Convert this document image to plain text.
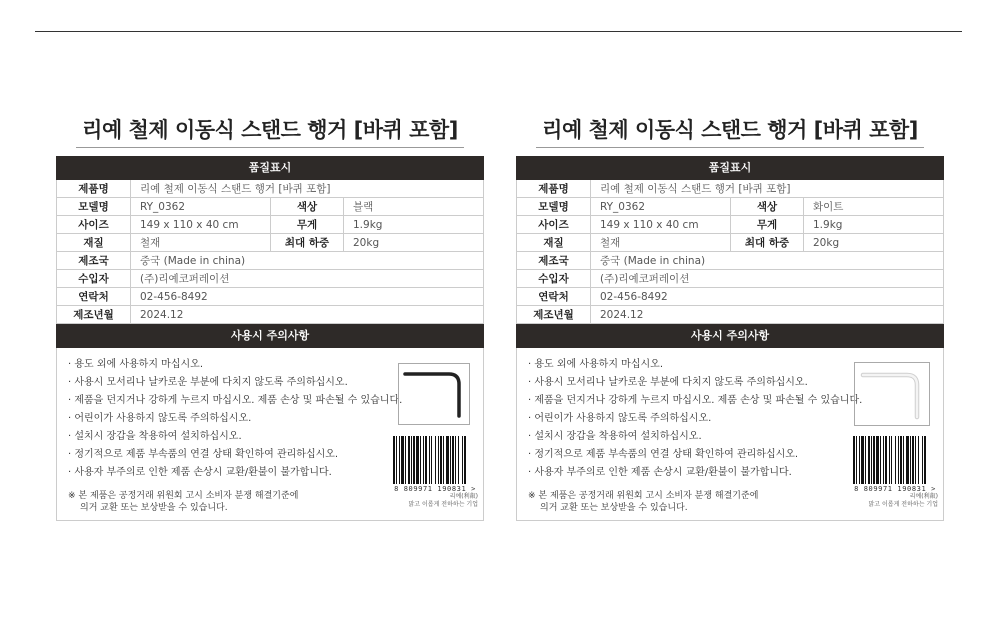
리예 철제 이동식 스탠드 행거 [바퀴 포함]
품질표시
제품명	리예 철제 이동식 스탠드 행거 [바퀴 포함]		
모델명	RY_0362	색상	블랙
사이즈	149 x 110 x 40 cm	무게	1.9kg
재질	철재	최대 하중	20kg
제조국	중국 (Made in china)		
수입자	(주)리예코퍼레이션		
연락처	02-456-8492		
제조년월	2024.12		
사용시 주의사항
· 용도 외에 사용하지 마십시오.
· 사용시 모서리나 날카로운 부분에 다치지 않도록 주의하십시오.
· 제품을 던지거나 강하게 누르지 마십시오. 제품 손상 및 파손될 수 있습니다.
· 어린이가 사용하지 않도록 주의하십시오.
· 설치시 장갑을 착용하여 설치하십시오.
· 정기적으로 제품 부속품의 연결 상태 확인하여 관리하십시오.
· 사용자 부주의로 인한 제품 손상시 교환/환불이 불가합니다.
※ 본 제품은 공정거래 위원회 고시 소비자 분쟁 해결기준에
의거 교환 또는 보상받을 수 있습니다.
8 809971 190831 >
리예(利叡)
맑고 이롭게 전하하는 기업
리예 철제 이동식 스탠드 행거 [바퀴 포함]
품질표시
제품명	리예 철제 이동식 스탠드 행거 [바퀴 포함]		
모델명	RY_0362	색상	화이트
사이즈	149 x 110 x 40 cm	무게	1.9kg
재질	철재	최대 하중	20kg
제조국	중국 (Made in china)		
수입자	(주)리예코퍼레이션		
연락처	02-456-8492		
제조년월	2024.12		
사용시 주의사항
· 용도 외에 사용하지 마십시오.
· 사용시 모서리나 날카로운 부분에 다치지 않도록 주의하십시오.
· 제품을 던지거나 강하게 누르지 마십시오. 제품 손상 및 파손될 수 있습니다.
· 어린이가 사용하지 않도록 주의하십시오.
· 설치시 장갑을 착용하여 설치하십시오.
· 정기적으로 제품 부속품의 연결 상태 확인하여 관리하십시오.
· 사용자 부주의로 인한 제품 손상시 교환/환불이 불가합니다.
※ 본 제품은 공정거래 위원회 고시 소비자 분쟁 해결기준에
의거 교환 또는 보상받을 수 있습니다.
8 809971 190831 >
리예(利叡)
맑고 이롭게 전하하는 기업
